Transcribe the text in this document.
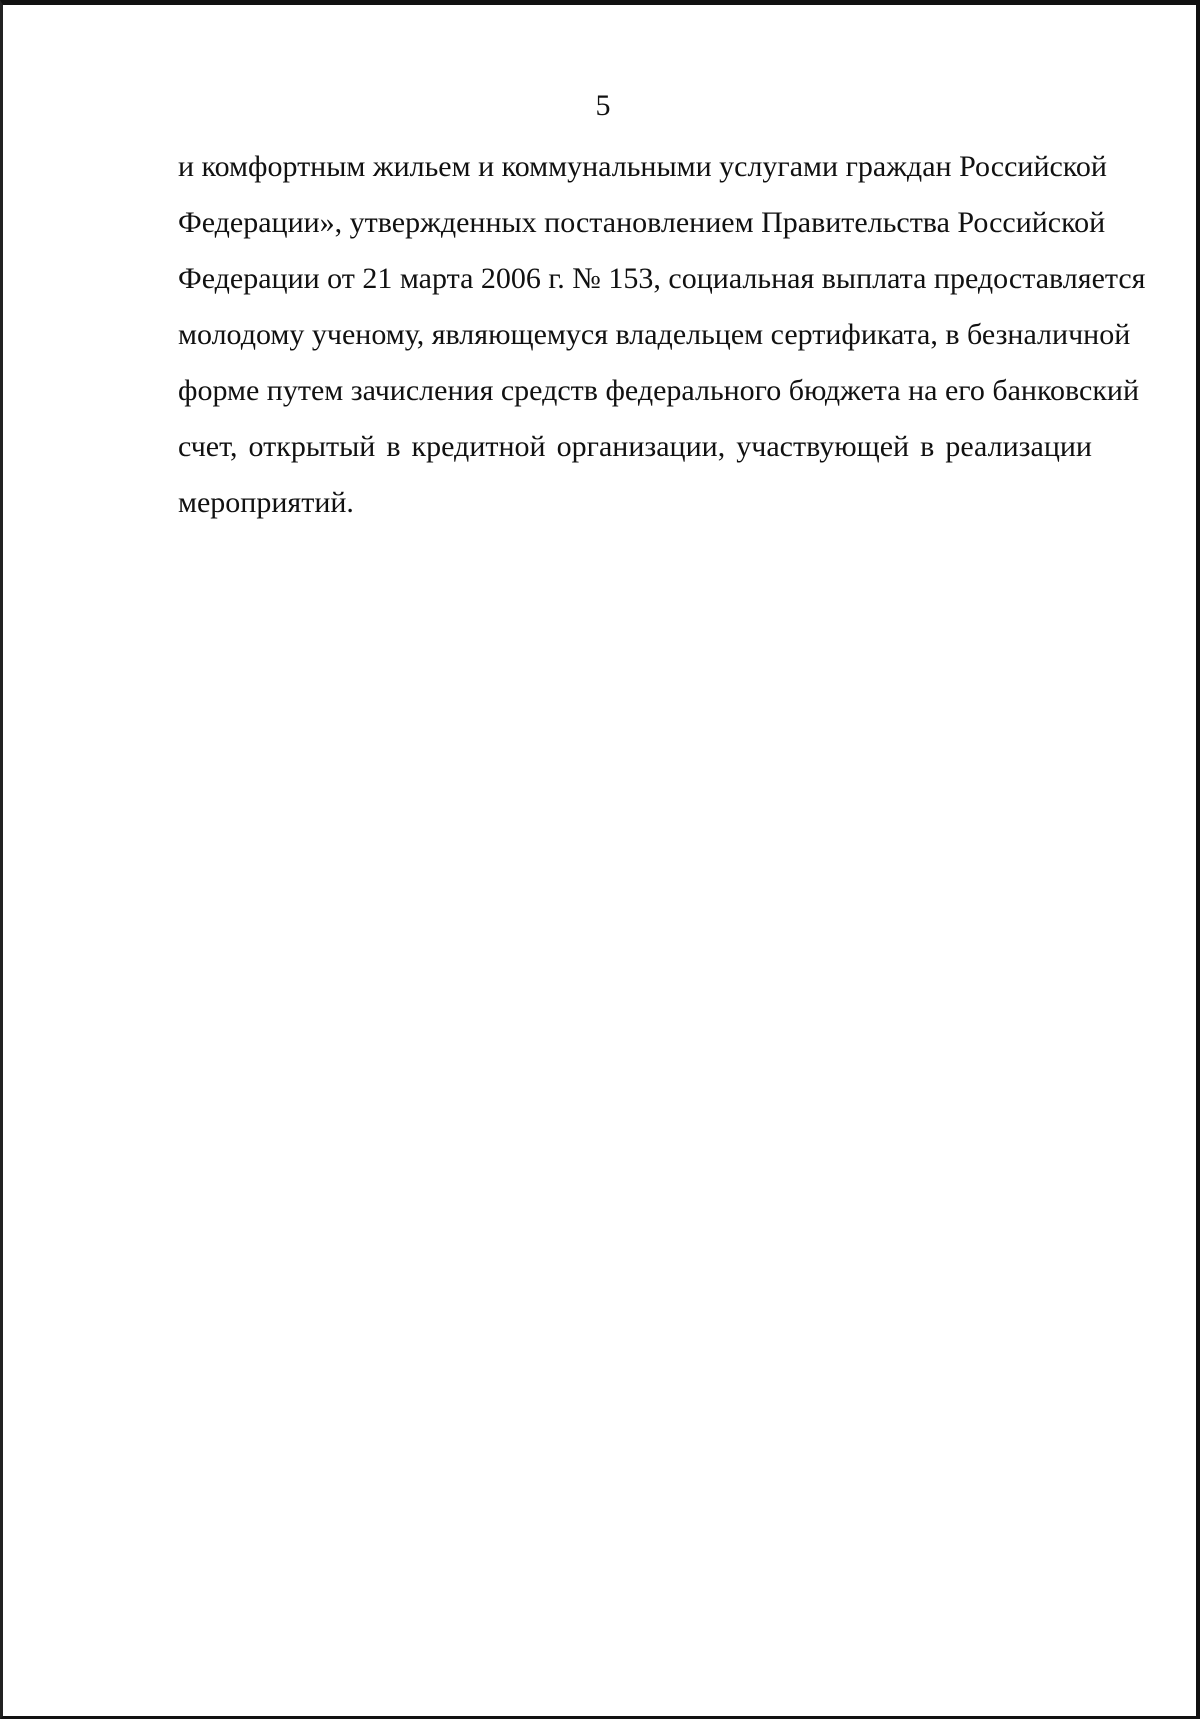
5
и комфортным жильем и коммунальными услугами граждан Российской
Федерации», утвержденных постановлением Правительства Российской
Федерации от 21 марта 2006 г. № 153, социальная выплата предоставляется
молодому ученому, являющемуся владельцем сертификата, в безналичной
форме путем зачисления средств федерального бюджета на его банковский
счет, открытый в кредитной организации, участвующей в реализации
мероприятий.
